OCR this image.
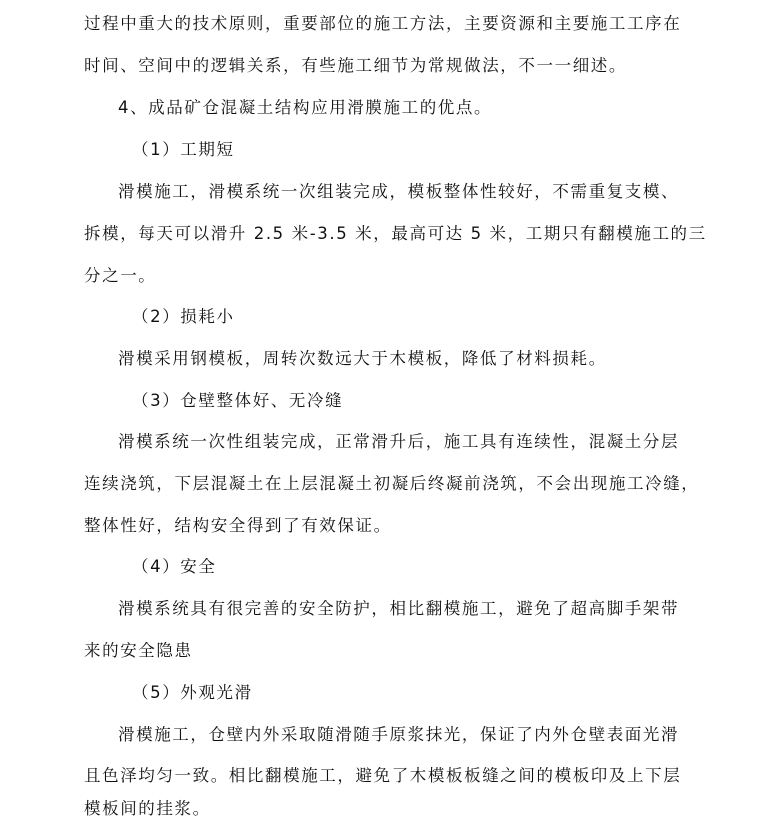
过程中重大的技术原则，重要部位的施工方法，主要资源和主要施工工序在
时间、空间中的逻辑关系，有些施工细节为常规做法，不一一细述。
4、成品矿仓混凝土结构应用滑膜施工的优点。
（1）工期短
滑模施工，滑模系统一次组装完成，模板整体性较好，不需重复支模、
拆模，每天可以滑升 2.5 米-3.5 米，最高可达 5 米，工期只有翻模施工的三
分之一。
（2）损耗小
滑模采用钢模板，周转次数远大于木模板，降低了材料损耗。
（3）仓壁整体好、无冷缝
滑模系统一次性组装完成，正常滑升后，施工具有连续性，混凝土分层
连续浇筑，下层混凝土在上层混凝土初凝后终凝前浇筑，不会出现施工冷缝，
整体性好，结构安全得到了有效保证。
（4）安全
滑模系统具有很完善的安全防护，相比翻模施工，避免了超高脚手架带
来的安全隐患
（5）外观光滑
滑模施工，仓壁内外采取随滑随手原浆抹光，保证了内外仓壁表面光滑
且色泽均匀一致。相比翻模施工，避免了木模板板缝之间的模板印及上下层
模板间的挂浆。
